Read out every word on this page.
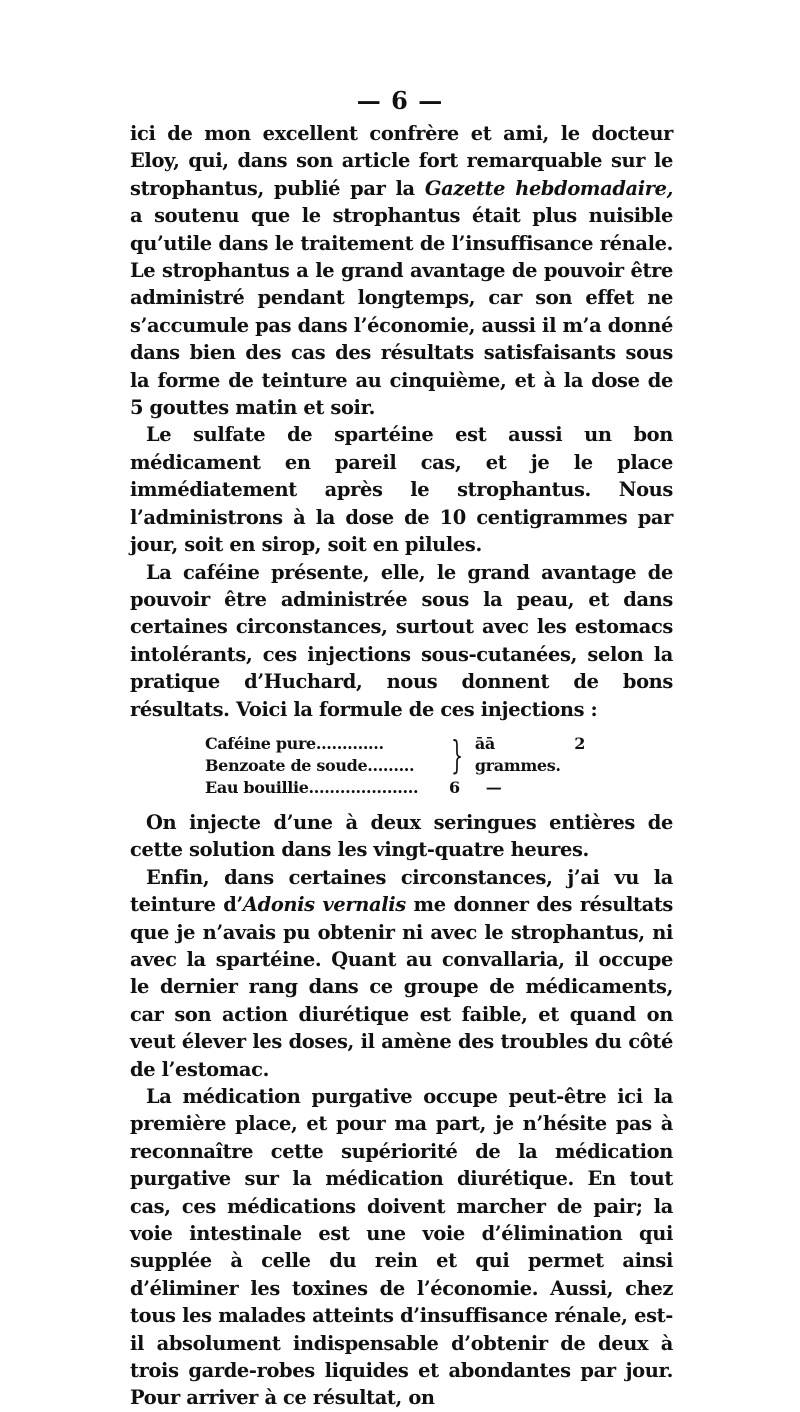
— 6 —

ici de mon excellent confrère et ami, le docteur Eloy, qui, dans son article fort remarquable sur le strophantus, publié par la Gazette hebdomadaire, a soutenu que le strophantus était plus nuisible qu’utile dans le traitement de l’insuffisance rénale. Le strophantus a le grand avantage de pouvoir être administré pendant longtemps, car son effet ne s’accumule pas dans l’économie, aussi il m’a donné dans bien des cas des résultats satisfaisants sous la forme de teinture au cinquième, et à la dose de 5 gouttes matin et soir.

Le sulfate de spartéine est aussi un bon médicament en pareil cas, et je le place immédiatement après le strophantus. Nous l’administrons à la dose de 10 centigrammes par jour, soit en sirop, soit en pilules.

La caféine présente, elle, le grand avantage de pouvoir être administrée sous la peau, et dans certaines circonstances, surtout avec les estomacs intolérants, ces injections sous-cutanées, selon la pratique d’Huchard, nous donnent de bons résultats. Voici la formule de ces injections :

Caféine pure.............
Benzoate de soude......... } āā 2 grammes.
Eau bouillie.....................	6 —

On injecte d’une à deux seringues entières de cette solution dans les vingt-quatre heures.

Enfin, dans certaines circonstances, j’ai vu la teinture d’Adonis vernalis me donner des résultats que je n’avais pu obtenir ni avec le strophantus, ni avec la spartéine. Quant au convallaria, il occupe le dernier rang dans ce groupe de médicaments, car son action diurétique est faible, et quand on veut élever les doses, il amène des troubles du côté de l’estomac.

La médication purgative occupe peut-être ici la première place, et pour ma part, je n’hésite pas à reconnaître cette supériorité de la médication purgative sur la médication diurétique. En tout cas, ces médications doivent marcher de pair; la voie intestinale est une voie d’élimination qui supplée à celle du rein et qui permet ainsi d’éliminer les toxines de l’économie. Aussi, chez tous les malades atteints d’insuffisance rénale, est-il absolument indispensable d’obtenir de deux à trois garde-robes liquides et abondantes par jour. Pour arriver à ce résultat, on
